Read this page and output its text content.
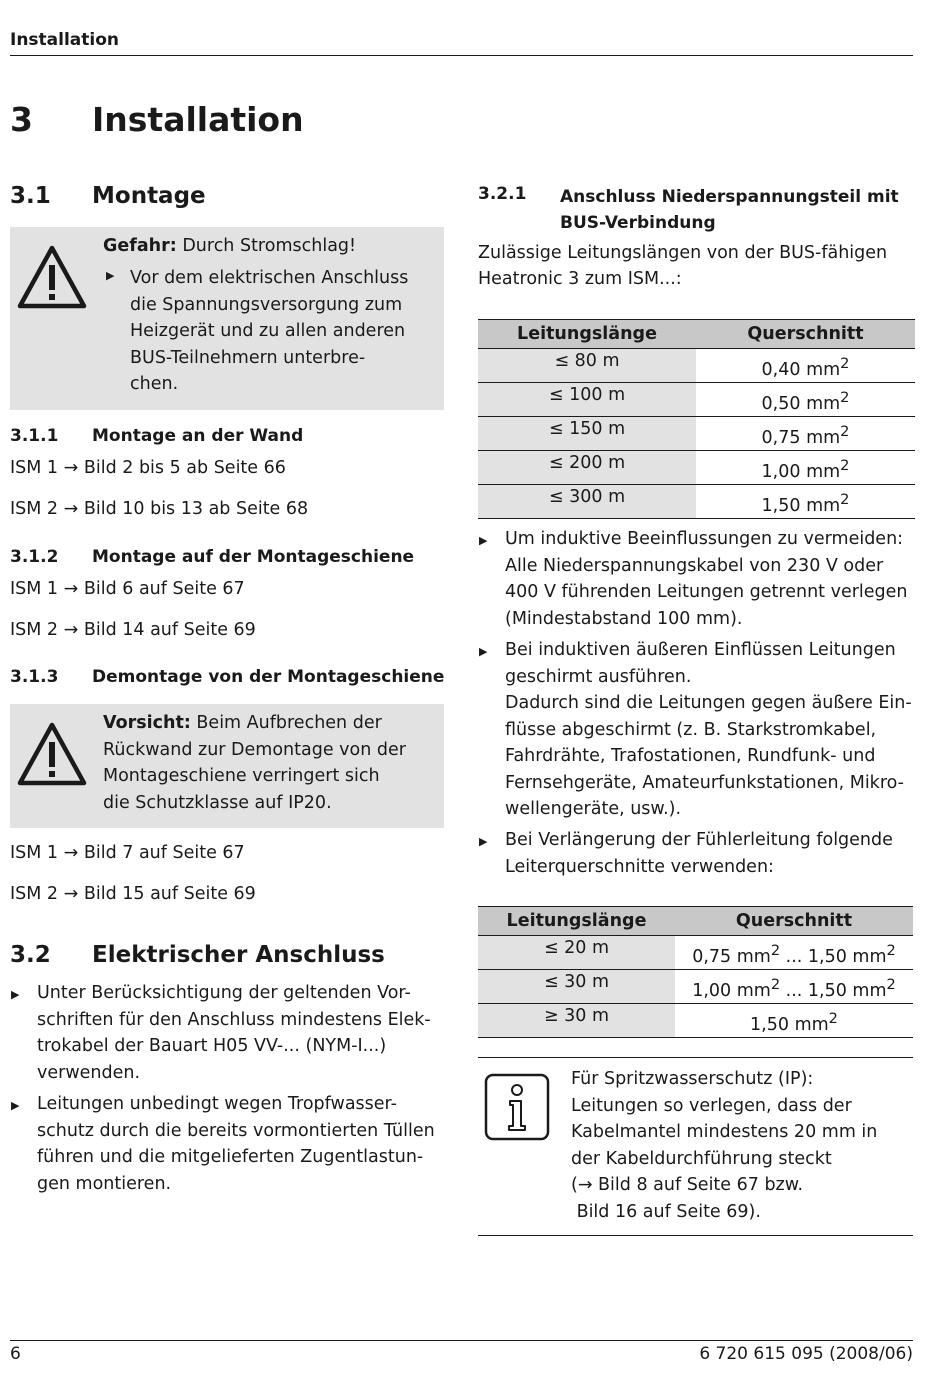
Installation
3 Installation
3.1 Montage
Gefahr: Durch Stromschlag!
▶ Vor dem elektrischen Anschluss
die Spannungsversorgung zum
Heizgerät und zu allen anderen
BUS-Teilnehmern unterbre-
chen.
3.1.1 Montage an der Wand
ISM 1 → Bild 2 bis 5 ab Seite 66
ISM 2 → Bild 10 bis 13 ab Seite 68
3.1.2 Montage auf der Montageschiene
ISM 1 → Bild 6 auf Seite 67
ISM 2 → Bild 14 auf Seite 69
3.1.3 Demontage von der Montageschiene
Vorsicht: Beim Aufbrechen der
Rückwand zur Demontage von der
Montageschiene verringert sich
die Schutzklasse auf IP20.
ISM 1 → Bild 7 auf Seite 67
ISM 2 → Bild 15 auf Seite 69
3.2 Elektrischer Anschluss
▶ Unter Berücksichtigung der geltenden Vor-
schriften für den Anschluss mindestens Elek-
trokabel der Bauart H05 VV-... (NYM-I...)
verwenden.
▶ Leitungen unbedingt wegen Tropfwasser-
schutz durch die bereits vormontierten Tüllen
führen und die mitgelieferten Zugentlastun-
gen montieren.
3.2.1 Anschluss Niederspannungsteil mit
BUS-Verbindung
Zulässige Leitungslängen von der BUS-fähigen
Heatronic 3 zum ISM...:
Leitungslänge	Querschnitt
≤ 80 m	0,40 $mm^2$
≤ 100 m	0,50 $mm^2$
≤ 150 m	0,75 $mm^2$
≤ 200 m	1,00 $mm^2$
≤ 300 m	1,50 $mm^2$
▶ Um induktive Beeinflussungen zu vermeiden:
Alle Niederspannungskabel von 230 V oder
400 V führenden Leitungen getrennt verlegen
(Mindestabstand 100 mm).
▶ Bei induktiven äußeren Einflüssen Leitungen
geschirmt ausführen.
Dadurch sind die Leitungen gegen äußere Ein-
flüsse abgeschirmt (z. B. Starkstromkabel,
Fahrdrähte, Trafostationen, Rundfunk- und
Fernsehgeräte, Amateurfunkstationen, Mikro-
wellengeräte, usw.).
▶ Bei Verlängerung der Fühlerleitung folgende
Leiterquerschnitte verwenden:
Leitungslänge	Querschnitt
≤ 20 m	0,75 $mm^2$ ... 1,50 $mm^2$
≤ 30 m	1,00 $mm^2$ ... 1,50 $mm^2$
≥ 30 m	1,50 $mm^2$
Für Spritzwasserschutz (IP):
Leitungen so verlegen, dass der
Kabelmantel mindestens 20 mm in
der Kabeldurchführung steckt
(→ Bild 8 auf Seite 67 bzw.
Bild 16 auf Seite 69).
6	6 720 615 095 (2008/06)
